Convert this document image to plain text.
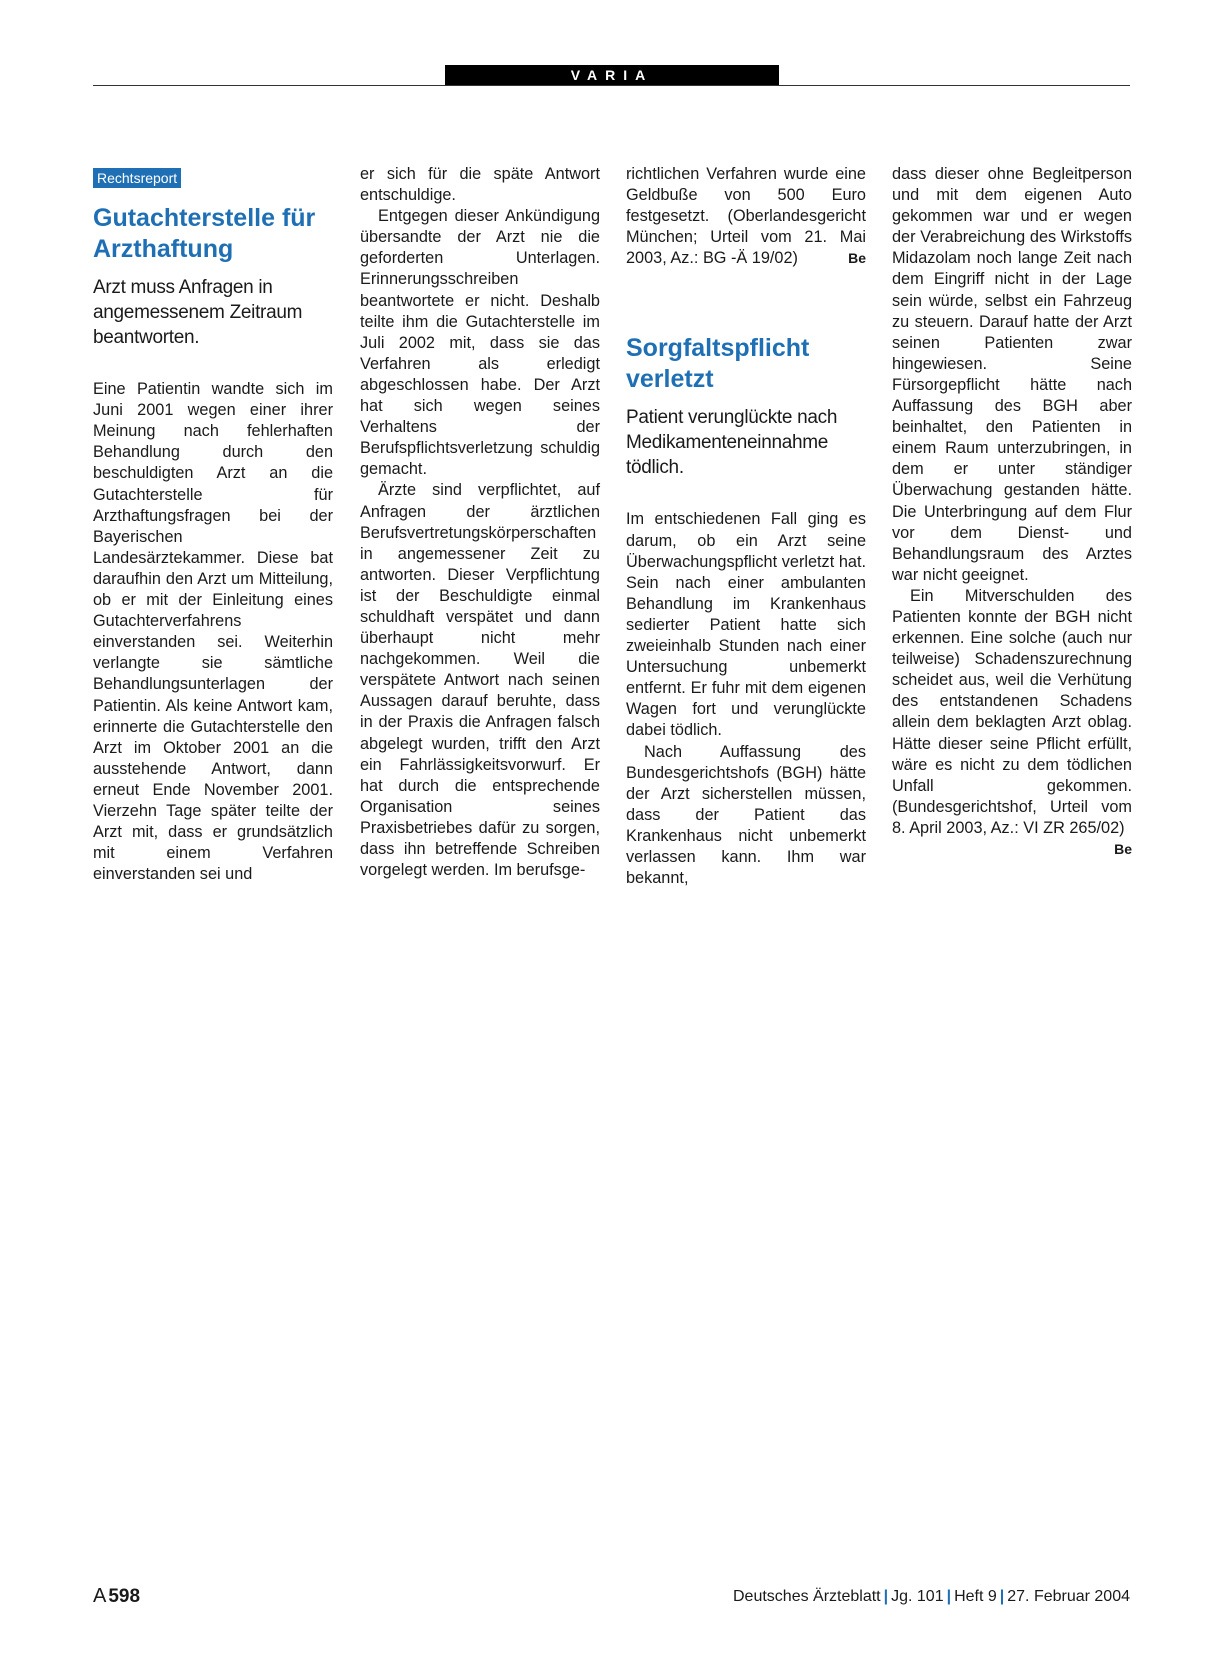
VARIA
Rechtsreport
Gutachterstelle für Arzthaftung
Arzt muss Anfragen in angemessenem Zeitraum beantworten.

Eine Patientin wandte sich im Juni 2001 wegen einer ihrer Meinung nach fehlerhaften Behandlung durch den beschuldigten Arzt an die Gutachterstelle für Arzthaftungsfragen bei der Bayerischen Landesärztekammer. Diese bat daraufhin den Arzt um Mitteilung, ob er mit der Einleitung eines Gutachterverfahrens einverstanden sei. Weiterhin verlangte sie sämtliche Behandlungsunterlagen der Patientin. Als keine Antwort kam, erinnerte die Gutachterstelle den Arzt im Oktober 2001 an die ausstehende Antwort, dann erneut Ende November 2001. Vierzehn Tage später teilte der Arzt mit, dass er grundsätzlich mit einem Verfahren einverstanden sei und

er sich für die späte Antwort entschuldige.

Entgegen dieser Ankündigung übersandte der Arzt nie die geforderten Unterlagen. Erinnerungsschreiben beantwortete er nicht. Deshalb teilte ihm die Gutachterstelle im Juli 2002 mit, dass sie das Verfahren als erledigt abgeschlossen habe. Der Arzt hat sich wegen seines Verhaltens der Berufspflichtsverletzung schuldig gemacht.

Ärzte sind verpflichtet, auf Anfragen der ärztlichen Berufsvertretungskörperschaften in angemessener Zeit zu antworten. Dieser Verpflichtung ist der Beschuldigte einmal schuldhaft verspätet und dann überhaupt nicht mehr nachgekommen. Weil die verspätete Antwort nach seinen Aussagen darauf beruhte, dass in der Praxis die Anfragen falsch abgelegt wurden, trifft den Arzt ein Fahrlässigkeitsvorwurf. Er hat durch die entsprechende Organisation seines Praxisbetriebes dafür zu sorgen, dass ihn betreffende Schreiben vorgelegt werden. Im berufsge-

richtlichen Verfahren wurde eine Geldbuße von 500 Euro festgesetzt. (Oberlandesgericht München; Urteil vom 21. Mai 2003, Az.: BG -Ä 19/02)	Be

Sorgfaltspflicht verletzt
Patient verunglückte nach Medikamenteneinnahme tödlich.

Im entschiedenen Fall ging es darum, ob ein Arzt seine Überwachungspflicht verletzt hat. Sein nach einer ambulanten Behandlung im Krankenhaus sedierter Patient hatte sich zweieinhalb Stunden nach einer Untersuchung unbemerkt entfernt. Er fuhr mit dem eigenen Wagen fort und verunglückte dabei tödlich.

Nach Auffassung des Bundesgerichtshofs (BGH) hätte der Arzt sicherstellen müssen, dass der Patient das Krankenhaus nicht unbemerkt verlassen kann. Ihm war bekannt,

dass dieser ohne Begleitperson und mit dem eigenen Auto gekommen war und er wegen der Verabreichung des Wirkstoffs Midazolam noch lange Zeit nach dem Eingriff nicht in der Lage sein würde, selbst ein Fahrzeug zu steuern. Darauf hatte der Arzt seinen Patienten zwar hingewiesen. Seine Fürsorgepflicht hätte nach Auffassung des BGH aber beinhaltet, den Patienten in einem Raum unterzubringen, in dem er unter ständiger Überwachung gestanden hätte. Die Unterbringung auf dem Flur vor dem Dienst- und Behandlungsraum des Arztes war nicht geeignet.

Ein Mitverschulden des Patienten konnte der BGH nicht erkennen. Eine solche (auch nur teilweise) Schadenszurechnung scheidet aus, weil die Verhütung des entstandenen Schadens allein dem beklagten Arzt oblag. Hätte dieser seine Pflicht erfüllt, wäre es nicht zu dem tödlichen Unfall gekommen. (Bundesgerichtshof, Urteil vom 8. April 2003, Az.: VI ZR 265/02)
Be

A 598	Deutsches Ärzteblatt | Jg. 101 | Heft 9 | 27. Februar 2004
